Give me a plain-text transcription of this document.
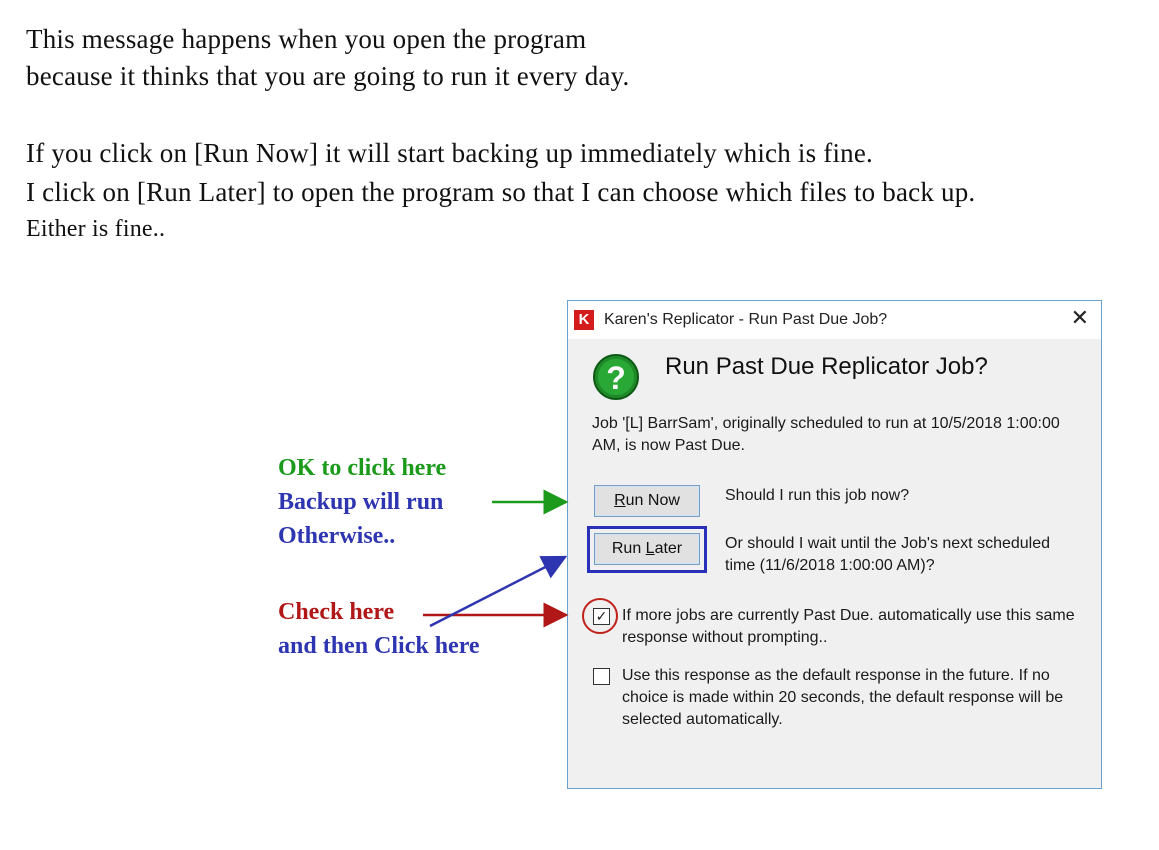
This message happens when you open the program
because it thinks that you are going to run it every day.
If you click on [Run Now] it will start backing up immediately which is fine.
I click on [Run Later] to open the program so that I can choose which files to back up.
Either is fine..
K Karen's Replicator - Run Past Due Job?	✕
? Run Past Due Replicator Job?
Job '[L] BarrSam', originally scheduled to run at 10/5/2018 1:00:00 AM, is now Past Due.
Run Now	Should I run this job now?
Run Later	Or should I wait until the Job's next scheduled time (11/6/2018 1:00:00 AM)?
✓ If more jobs are currently Past Due. automatically use this same response without prompting..
Use this response as the default response in the future. If no choice is made within 20 seconds, the default response will be selected automatically.
OK to click here
Backup will run
Otherwise..
Check here
and then Click here
